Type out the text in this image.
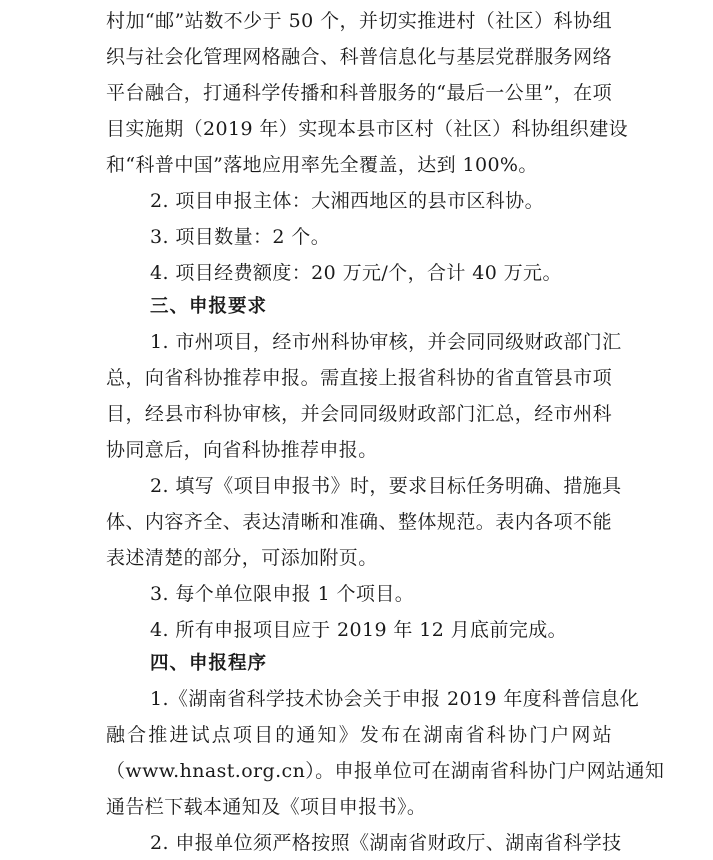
村加“邮”站数不少于 50 个，并切实推进村（社区）科协组
织与社会化管理网格融合、科普信息化与基层党群服务网络
平台融合，打通科学传播和科普服务的“最后一公里”，在项
目实施期（2019 年）实现本县市区村（社区）科协组织建设
和“科普中国”落地应用率先全覆盖，达到 100%。
2. 项目申报主体：大湘西地区的县市区科协。
3. 项目数量：2 个。
4. 项目经费额度：20 万元/个，合计 40 万元。
三、申报要求
1. 市州项目，经市州科协审核，并会同同级财政部门汇
总，向省科协推荐申报。需直接上报省科协的省直管县市项
目，经县市科协审核，并会同同级财政部门汇总，经市州科
协同意后，向省科协推荐申报。
2. 填写《项目申报书》时，要求目标任务明确、措施具
体、内容齐全、表达清晰和准确、整体规范。表内各项不能
表述清楚的部分，可添加附页。
3. 每个单位限申报 1 个项目。
4. 所有申报项目应于 2019 年 12 月底前完成。
四、申报程序
1.《湖南省科学技术协会关于申报 2019 年度科普信息化
融合推进试点项目的通知》发布在湖南省科协门户网站
（www.hnast.org.cn）。申报单位可在湖南省科协门户网站通知
通告栏下载本通知及《项目申报书》。
2. 申报单位须严格按照《湖南省财政厅、湖南省科学技
